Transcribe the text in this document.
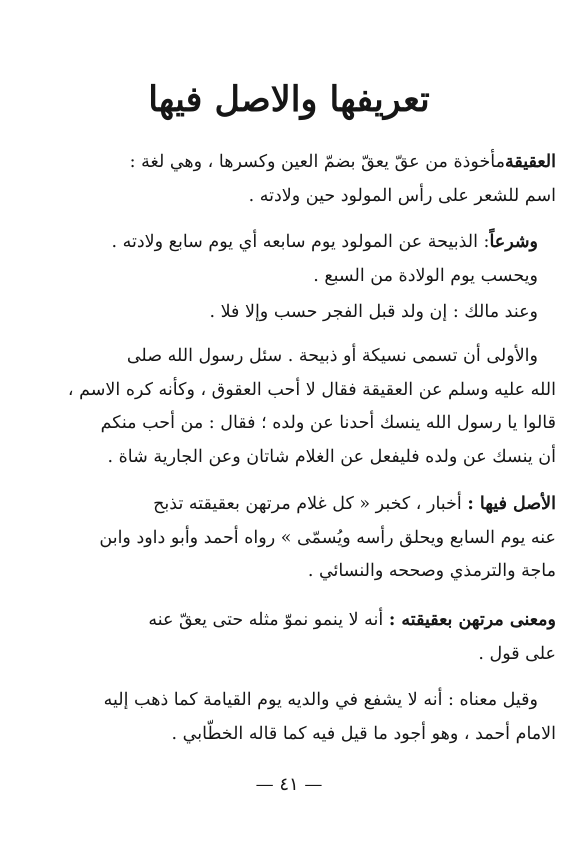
تعريفها والاصل فيها
العقيقةمأخوذة من عقّ يعقّ بضمّ العين وكسرها ، وهي لغة :
اسم للشعر على رأس المولود حين ولادته .
وشرعاً: الذبيحة عن المولود يوم سابعه أي يوم سابع ولادته .
ويحسب يوم الولادة من السبع .
وعند مالك : إن ولد قبل الفجر حسب وإلا فلا .
والأولى أن تسمى نسيكة أو ذبيحة . سئل رسول الله صلى
الله عليه وسلم عن العقيقة فقال لا أحب العقوق ، وكأنه كره الاسم ،
قالوا يا رسول الله ينسك أحدنا عن ولده ؛ فقال : من أحب منكم
أن ينسك عن ولده فليفعل عن الغلام شاتان وعن الجارية شاة .
الأصل فيها : أخبار ، كخبر « كل غلام مرتهن بعقيقته تذبح
عنه يوم السابع ويحلق رأسه ويُسمّى » رواه أحمد وأبو داود وابن
ماجة والترمذي وصححه والنسائي .
ومعنى مرتهن بعقيقته : أنه لا ينمو نموّ مثله حتى يعقّ عنه
على قول .
وقيل معناه : أنه لا يشفع في والديه يوم القيامة كما ذهب إليه
الامام أحمد ، وهو أجود ما قيل فيه كما قاله الخطّابي .
— ٤١ —
